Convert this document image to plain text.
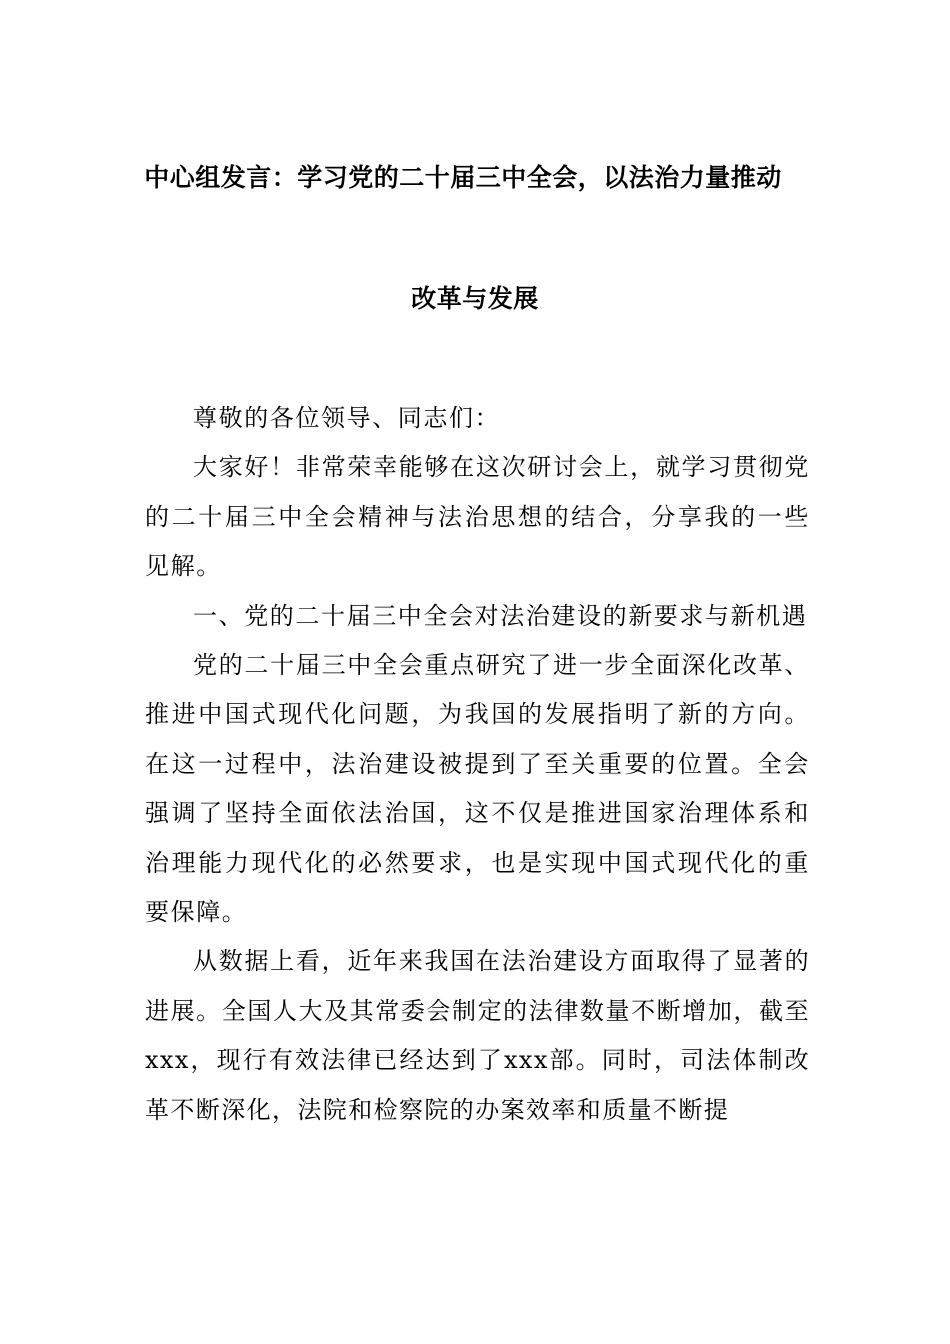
中心组发言：学习党的二十届三中全会，以法治力量推动
改革与发展

尊敬的各位领导、同志们：

大家好！非常荣幸能够在这次研讨会上，就学习贯彻党的二十届三中全会精神与法治思想的结合，分享我的一些见解。

一、党的二十届三中全会对法治建设的新要求与新机遇

党的二十届三中全会重点研究了进一步全面深化改革、推进中国式现代化问题，为我国的发展指明了新的方向。在这一过程中，法治建设被提到了至关重要的位置。全会强调了坚持全面依法治国，这不仅是推进国家治理体系和治理能力现代化的必然要求，也是实现中国式现代化的重要保障。

从数据上看，近年来我国在法治建设方面取得了显著的进展。全国人大及其常委会制定的法律数量不断增加，截至xxx，现行有效法律已经达到了xxx部。同时，司法体制改革不断深化，法院和检察院的办案效率和质量不断提
